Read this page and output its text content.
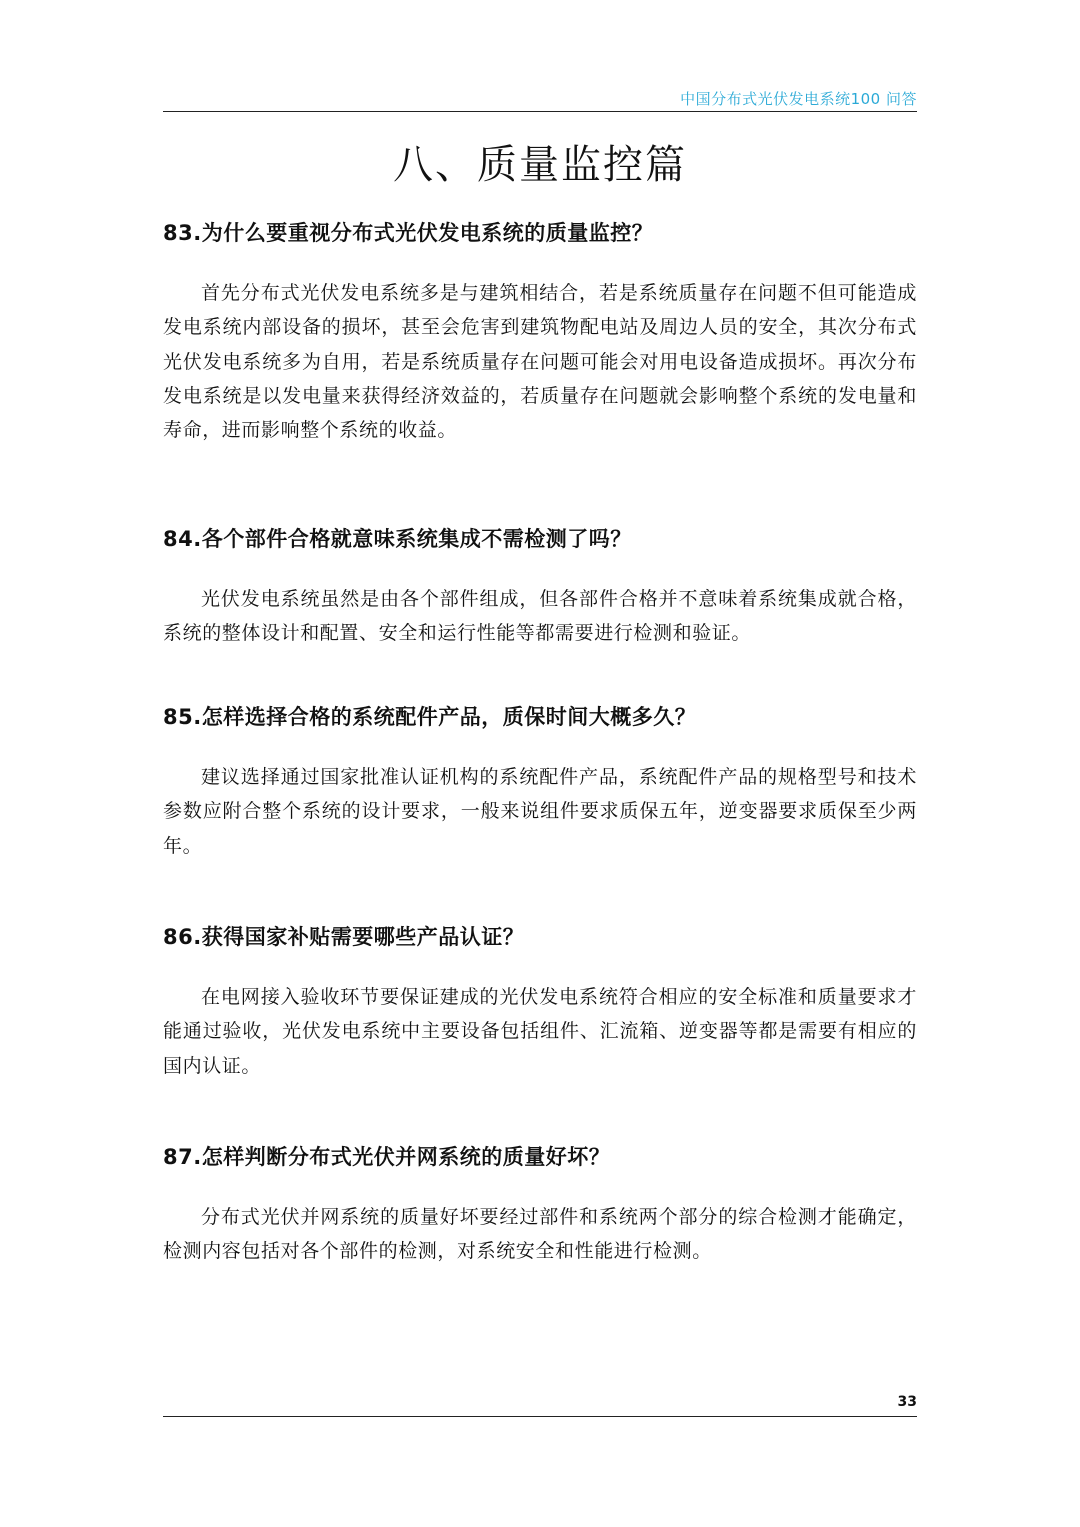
中国分布式光伏发电系统100 问答
八、质量监控篇
83.为什么要重视分布式光伏发电系统的质量监控？

首先分布式光伏发电系统多是与建筑相结合，若是系统质量存在问题不但可能造成发电系统内部设备的损坏，甚至会危害到建筑物配电站及周边人员的安全，其次分布式光伏发电系统多为自用，若是系统质量存在问题可能会对用电设备造成损坏。再次分布发电系统是以发电量来获得经济效益的，若质量存在问题就会影响整个系统的发电量和寿命，进而影响整个系统的收益。

84.各个部件合格就意味系统集成不需检测了吗？

光伏发电系统虽然是由各个部件组成，但各部件合格并不意味着系统集成就合格，系统的整体设计和配置、安全和运行性能等都需要进行检测和验证。

85.怎样选择合格的系统配件产品，质保时间大概多久？

建议选择通过国家批准认证机构的系统配件产品，系统配件产品的规格型号和技术参数应附合整个系统的设计要求，一般来说组件要求质保五年，逆变器要求质保至少两年。

86.获得国家补贴需要哪些产品认证？

在电网接入验收环节要保证建成的光伏发电系统符合相应的安全标准和质量要求才能通过验收，光伏发电系统中主要设备包括组件、汇流箱、逆变器等都是需要有相应的国内认证。

87.怎样判断分布式光伏并网系统的质量好坏？

分布式光伏并网系统的质量好坏要经过部件和系统两个部分的综合检测才能确定，检测内容包括对各个部件的检测，对系统安全和性能进行检测。

33
